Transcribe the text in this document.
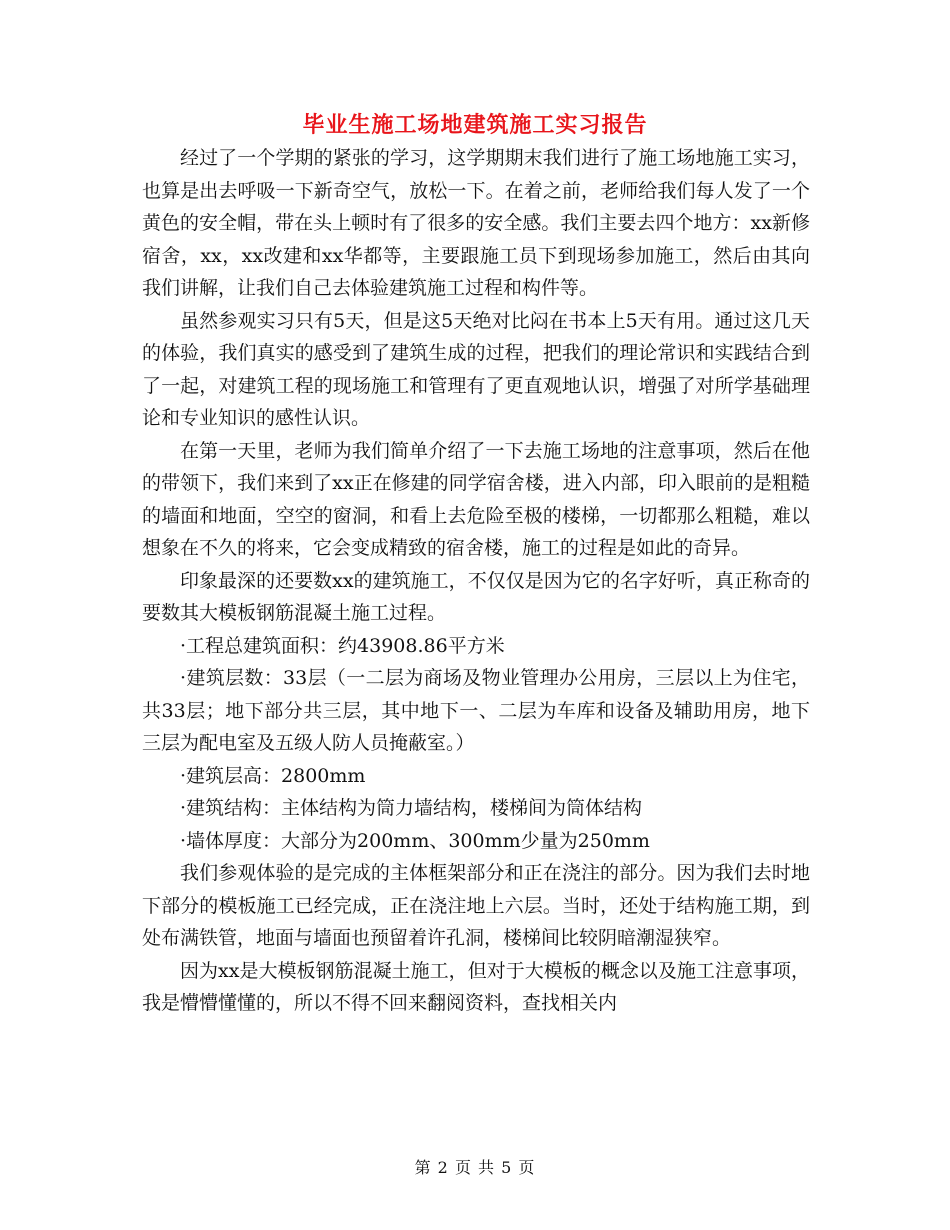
毕业生施工场地建筑施工实习报告

经过了一个学期的紧张的学习，这学期期末我们进行了施工场地施工实习，也算是出去呼吸一下新奇空气，放松一下。在着之前，老师给我们每人发了一个黄色的安全帽，带在头上顿时有了很多的安全感。我们主要去四个地方：xx新修宿舍，xx，xx改建和xx华都等，主要跟施工员下到现场参加施工，然后由其向我们讲解，让我们自己去体验建筑施工过程和构件等。

虽然参观实习只有5天，但是这5天绝对比闷在书本上5天有用。通过这几天的体验，我们真实的感受到了建筑生成的过程，把我们的理论常识和实践结合到了一起，对建筑工程的现场施工和管理有了更直观地认识，增强了对所学基础理论和专业知识的感性认识。

在第一天里，老师为我们简单介绍了一下去施工场地的注意事项，然后在他的带领下，我们来到了xx正在修建的同学宿舍楼，进入内部，印入眼前的是粗糙的墙面和地面，空空的窗洞，和看上去危险至极的楼梯，一切都那么粗糙，难以想象在不久的将来，它会变成精致的宿舍楼，施工的过程是如此的奇异。

印象最深的还要数xx的建筑施工，不仅仅是因为它的名字好听，真正称奇的要数其大模板钢筋混凝土施工过程。

·工程总建筑面积：约43908.86平方米

·建筑层数：33层（一二层为商场及物业管理办公用房，三层以上为住宅，共33层；地下部分共三层，其中地下一、二层为车库和设备及辅助用房，地下三层为配电室及五级人防人员掩蔽室。）

·建筑层高：2800mm

·建筑结构：主体结构为筒力墙结构，楼梯间为筒体结构

·墙体厚度：大部分为200mm、300mm少量为250mm

我们参观体验的是完成的主体框架部分和正在浇注的部分。因为我们去时地下部分的模板施工已经完成，正在浇注地上六层。当时，还处于结构施工期，到处布满铁管，地面与墙面也预留着许孔洞，楼梯间比较阴暗潮湿狭窄。

因为xx是大模板钢筋混凝土施工，但对于大模板的概念以及施工注意事项，我是懵懵懂懂的，所以不得不回来翻阅资料，查找相关内

第 2 页 共 5 页
